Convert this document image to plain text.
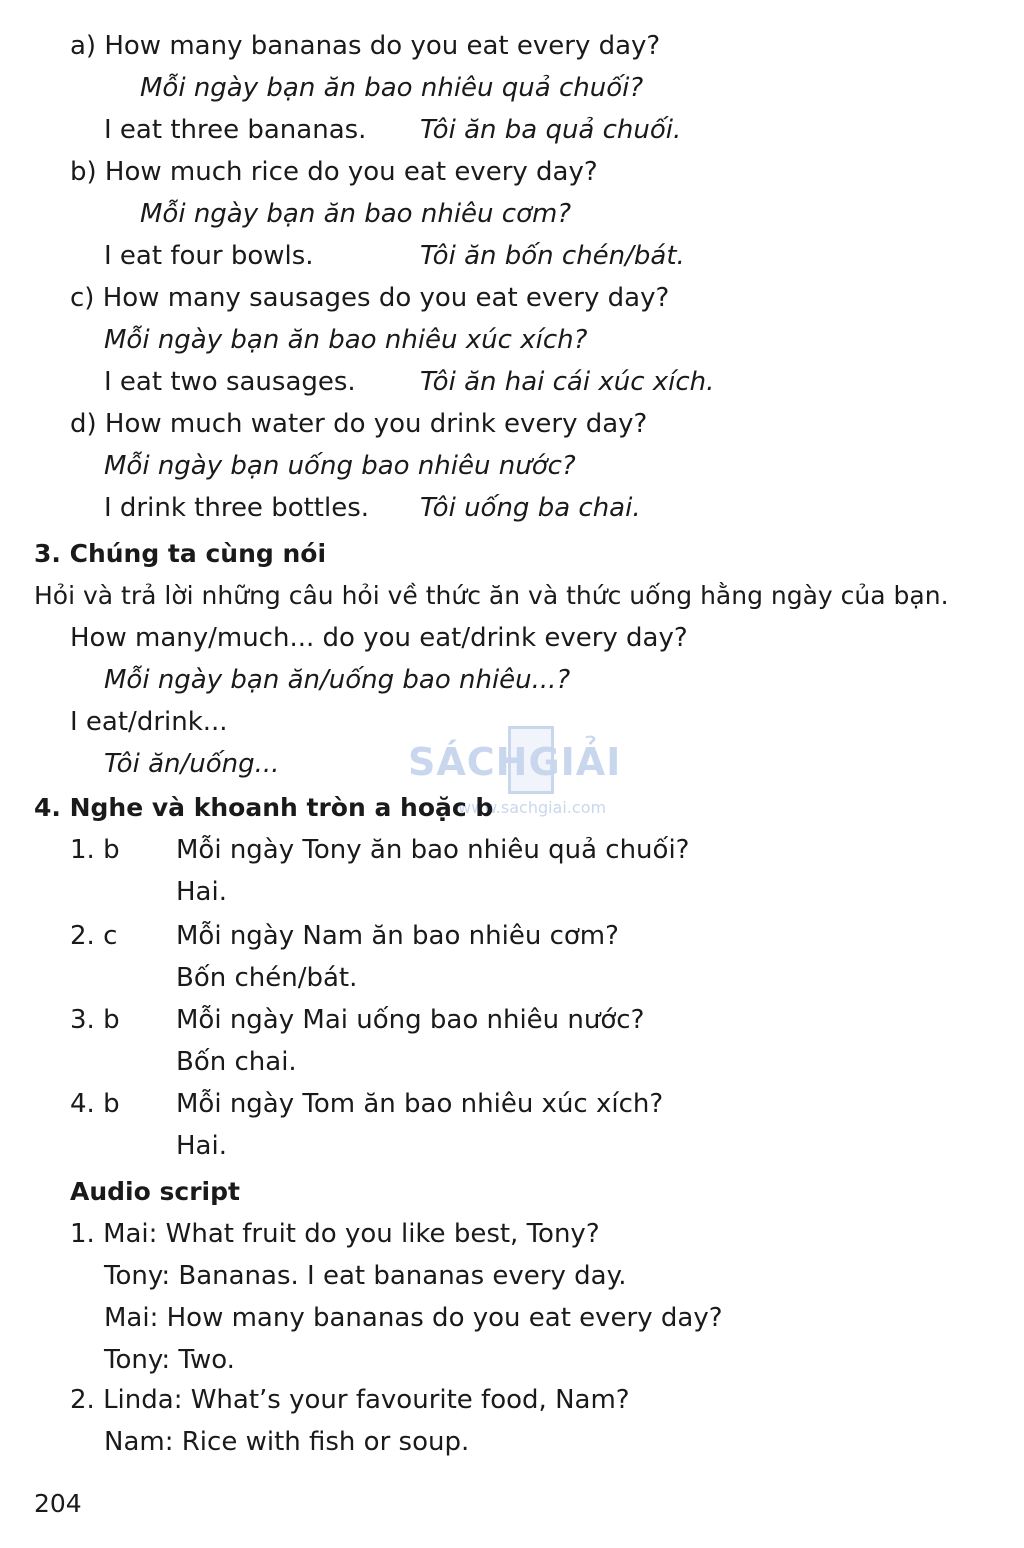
a) How many bananas do you eat every day?
Mỗi ngày bạn ăn bao nhiêu quả chuối?
I eat three bananas. Tôi ăn ba quả chuối.
b) How much rice do you eat every day?
Mỗi ngày bạn ăn bao nhiêu cơm?
I eat four bowls.	Tôi ăn bốn chén/bát.
c) How many sausages do you eat every day?
Mỗi ngày bạn ăn bao nhiêu xúc xích?
I eat two sausages. Tôi ăn hai cái xúc xích.
d) How much water do you drink every day?
Mỗi ngày bạn uống bao nhiêu nước?
I drink three bottles. Tôi uống ba chai.
3. Chúng ta cùng nói
Hỏi và trả lời những câu hỏi về thức ăn và thức uống hằng ngày của bạn.
How many/much... do you eat/drink every day?
Mỗi ngày bạn ăn/uống bao nhiêu...?
I eat/drink...
Tôi ăn/uống...	SÁCHGIẢI
www.sachgiai.com
4. Nghe và khoanh tròn a hoặc b
1. b Mỗi ngày Tony ăn bao nhiêu quả chuối?
Hai.
2. c Mỗi ngày Nam ăn bao nhiêu cơm?
Bốn chén/bát.
3. b Mỗi ngày Mai uống bao nhiêu nước?
Bốn chai.
4. b Mỗi ngày Tom ăn bao nhiêu xúc xích?
Hai.
Audio script
1. Mai: What fruit do you like best, Tony?
Tony: Bananas. I eat bananas every day.
Mai: How many bananas do you eat every day?
Tony: Two.
2. Linda: What’s your favourite food, Nam?
Nam: Rice with fish or soup.
204
